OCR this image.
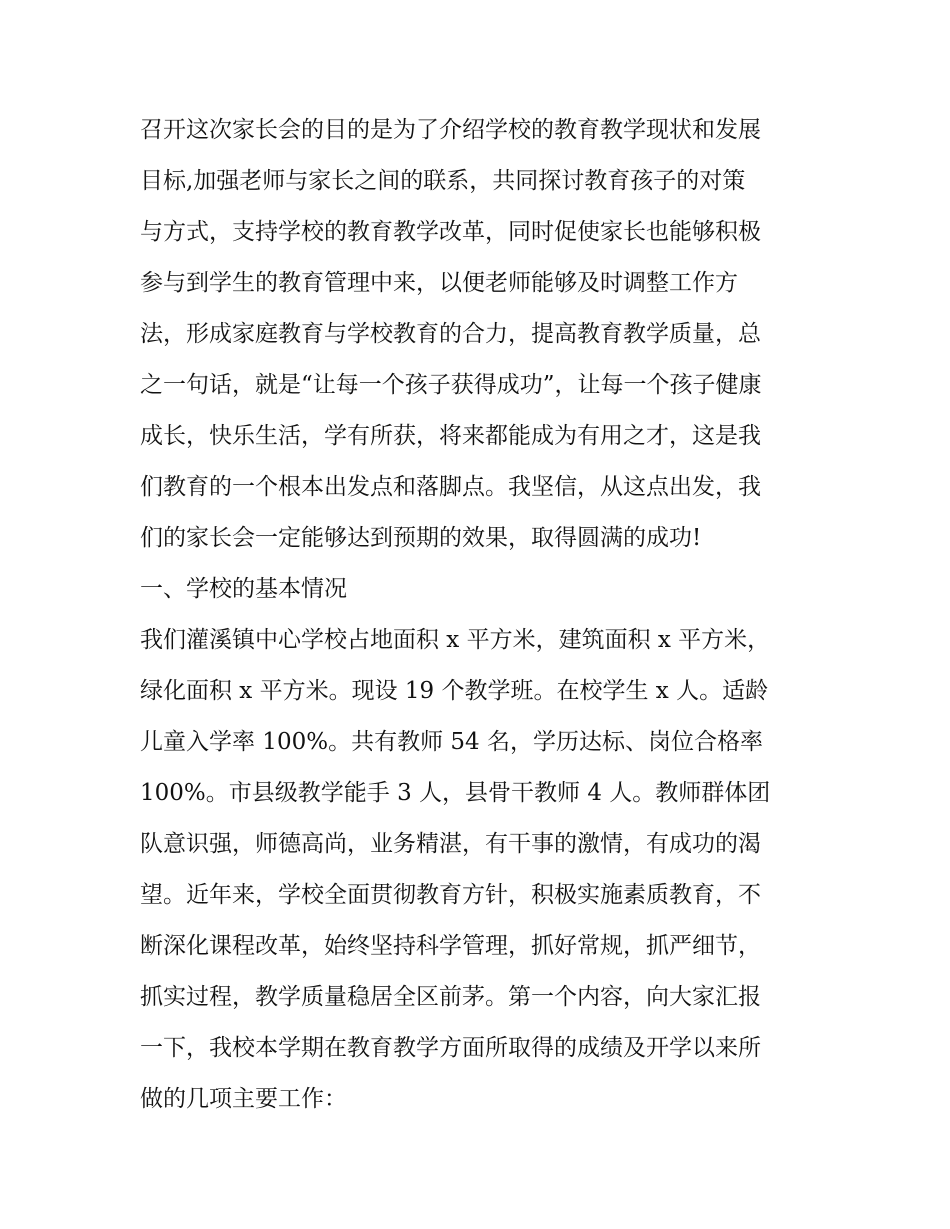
召开这次家长会的目的是为了介绍学校的教育教学现状和发展
目标,加强老师与家长之间的联系，共同探讨教育孩子的对策
与方式，支持学校的教育教学改革，同时促使家长也能够积极
参与到学生的教育管理中来，以便老师能够及时调整工作方
法，形成家庭教育与学校教育的合力，提高教育教学质量，总
之一句话，就是“让每一个孩子获得成功”，让每一个孩子健康
成长，快乐生活，学有所获，将来都能成为有用之才，这是我
们教育的一个根本出发点和落脚点。我坚信，从这点出发，我
们的家长会一定能够达到预期的效果，取得圆满的成功!
一、学校的基本情况
我们灌溪镇中心学校占地面积 x 平方米，建筑面积 x 平方米，
绿化面积 x 平方米。现设 19 个教学班。在校学生 x 人。适龄
儿童入学率 100%。共有教师 54 名，学历达标、岗位合格率
100%。市县级教学能手 3 人，县骨干教师 4 人。教师群体团
队意识强，师德高尚，业务精湛，有干事的激情，有成功的渴
望。近年来，学校全面贯彻教育方针，积极实施素质教育，不
断深化课程改革，始终坚持科学管理，抓好常规，抓严细节，
抓实过程，教学质量稳居全区前茅。第一个内容，向大家汇报
一下，我校本学期在教育教学方面所取得的成绩及开学以来所
做的几项主要工作：
